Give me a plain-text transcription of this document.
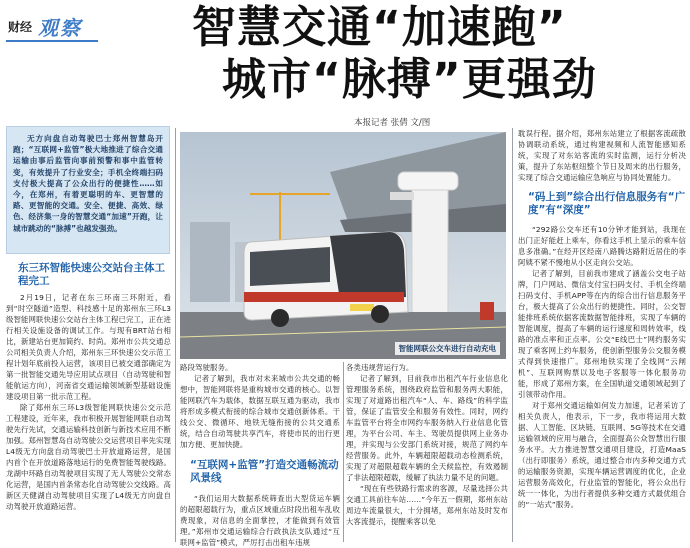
财经 观察	智慧交通“加速跑”
城市“脉搏”更强劲
本报记者 张倩 文/图

无方向盘自动驾驶巴士郑州智慧岛开跑；“互联网+监管”极大地推进了综合交通运输由事后监管向事前预警和事中监管转变，有效提升了行业安全；手机全终端扫码支付极大提高了公众出行的便捷性……如今，在郑州，有着更聪明的车、更智慧的路、更智能的交通。安全、便捷、高效、绿色、经济集一身的智慧交通“加速”开跑，让城市跳动的“脉搏”也越发强劲。

东三环智能快速公交站台主体工程完工

2月19日，记者在东三环南三环附近，看到“时空隧道”造型、科技感十足的郑州东三环L3级智能网联快速公交站台主体工程已完工，正在进行相关设施设备的调试工作。与现有BRT站台相比，新建站台更加简约、时尚。郑州市公共交通总公司相关负责人介绍，郑州东三环快速公交示范工程计划年底前投入运营，该项目已被交通部确定为第一批智能交通先导应用试点项目（自动驾驶和智能航运方向），河南省交通运输领域新型基础设施建设项目第一批示范工程。

除了郑州东三环L3级智能网联快速公交示范工程建设，近年来，我市积极开展智能网联自动驾驶先行先试，交通运输科技创新与新技术应用不断加强。郑州智慧岛自动驾驶公交运营项目率先实现L4级无方向盘自动驾驶巴士开放道路运营，是国内首个在开放道路落地运行的免费智能驾驶线路。龙湖中环路自动驾驶项目实现了无人驾驶公交常态化运营，是国内首条常态化自动驾驶公交线路。高新区天健湖自动驾驶项目实现了L4级无方向盘自动驾驶开放道路运营。

智能网联公交车进行自动充电

路段驾驶服务。

记者了解到，我市对未来城市公共交通的畅想中，智能网联将是重构城市交通的核心。以智能网联汽车为载体，数据互联互通为驱动，我市将形成多模式衔接的综合城市交通创新体系。干线公交、微循环、地铁无缝衔接的公共交通系统，结合自动驾驶共享汽车，将使市民的出行更加方便、更加快捷。

“互联网+监管”打造交通畅流动风景线

“我们运用大数据系统筛查出大型货运车辆的超限超载行为，重点区域重点时段出租车乱收费现象，对信息的全面掌控，才能做到有效管理。”郑州市交通运输综合行政执法支队通过“互联网+监管”模式，严厉打击出租车违规

各类违规营运行为。

记者了解到，目前我市出租汽车行业信息化管理服务系统，围绕政府监管和服务两大职能，实现了对道路出租汽车“人、车、路线”的科学监管，保证了监管安全和服务有效性。同时，网约车监管平台将全市网约车服务纳入行业信息化管理，为平台公司、车主、驾驶员提供网上业务办理，并实现与公安部门系统对接，规范了网约车经营服务。此外，车辆超限超载动态检测系统，实现了对超限超载车辆的全天候监控，有效遏制了非法超限超载，缓解了执法力量不足的问题。

“现在有些铁路行需求的客源，尽量选择公共交通工具前往车站……”今年五一假期，郑州东站周边车流量很大，十分拥堵，郑州东站及时发布大客流提示，提醒乘客以免

耽误行程。据介绍，郑州东站建立了根据客流疏散协调联动系统，通过构建视频和人流智能感知系统，实现了对东站客流的实时监测，运行分析决策，提升了东站枢纽整个节日及周末的出行服务，实现了综合交通运输应急响应与协同处置能力。

“码上到”综合出行信息服务有“广度”有“深度”

“292路公交车还有10分钟才能到站，我现在出门正好能赶上乘车，你看这手机上显示的乘车信息多准确。”在经开区经南八路腾达路附近居住的李阿姨不紧不慢地从小区走向公交站。

记者了解到，目前我市建成了涵盖公交电子站牌，门户网站、微信支付宝扫码支付、手机全终端扫码支付、手机APP等在内的综合出行信息服务平台，极大提高了公众出行的便捷性。同时，公交智能排班系统依据客流数据智能排班，实现了车辆的智能调度，提高了车辆的运行速度和周转效率，线路的准点率和正点率。公交“E线巴士”网约服务实现了乘客网上约车服务，使创新型服务公交服务模式得到快速推广。郑州地铁实现了全线网“云闸机”、互联网购票以及电子客服等一体化服务功能，形成了郑州方案，在全国轨道交通领域起到了引领带动作用。

对于郑州交通运输如何发力加速，记者采访了相关负责人，他表示，下一步，我市将运用大数据、人工智能、区块链、互联网、5G等技术在交通运输领域的应用与融合，全面提高公众智慧出行服务水平。大力推进智慧交通项目建设，打造MaaS（出行即服务）系统，通过整合市内多种交通方式的运输服务资源，实现车辆运营调度的优化，企业运营服务高效化，行业监管的智能化，将公众出行统一一体化，为出行者提供多种交通方式最优组合的“一站式”服务。
